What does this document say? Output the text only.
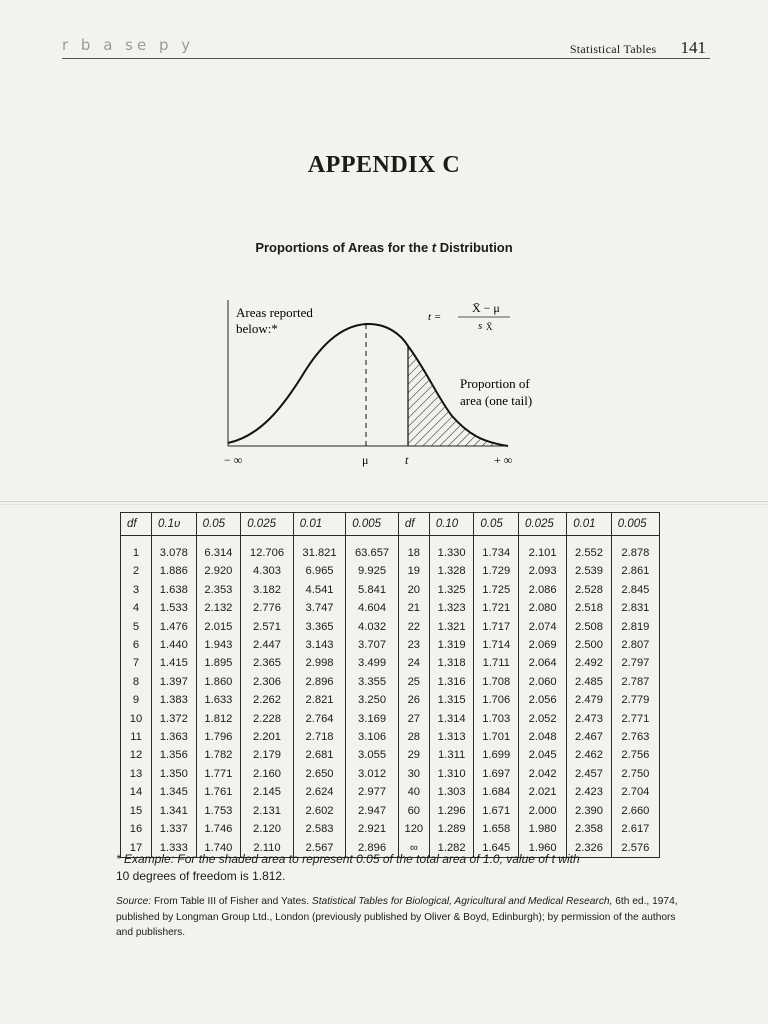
r b a se p y	Statistical Tables 141
APPENDIX C
Proportions of Areas for the t Distribution
Areas reported
below:*
t =
X̄ − μ
s X̄
Proportion of
area (one tail)
− ∞	μ	t	+ ∞
df	0.1υ	0.05	0.025	0.01	0.005	df	0.10	0.05	0.025	0.01	0.005
1	3.078	6.314	12.706	31.821	63.657	18	1.330	1.734	2.101	2.552	2.878
2	1.886	2.920	4.303	6.965	9.925	19	1.328	1.729	2.093	2.539	2.861
3	1.638	2.353	3.182	4.541	5.841	20	1.325	1.725	2.086	2.528	2.845
4	1.533	2.132	2.776	3.747	4.604	21	1.323	1.721	2.080	2.518	2.831
5	1.476	2.015	2.571	3.365	4.032	22	1.321	1.717	2.074	2.508	2.819
6	1.440	1.943	2.447	3.143	3.707	23	1.319	1.714	2.069	2.500	2.807
7	1.415	1.895	2.365	2.998	3.499	24	1.318	1.711	2.064	2.492	2.797
8	1.397	1.860	2.306	2.896	3.355	25	1.316	1.708	2.060	2.485	2.787
9	1.383	1.633	2.262	2.821	3.250	26	1.315	1.706	2.056	2.479	2.779
10	1.372	1.812	2.228	2.764	3.169	27	1.314	1.703	2.052	2.473	2.771
11	1.363	1.796	2.201	2.718	3.106	28	1.313	1.701	2.048	2.467	2.763
12	1.356	1.782	2.179	2.681	3.055	29	1.311	1.699	2.045	2.462	2.756
13	1.350	1.771	2.160	2.650	3.012	30	1.310	1.697	2.042	2.457	2.750
14	1.345	1.761	2.145	2.624	2.977	40	1.303	1.684	2.021	2.423	2.704
15	1.341	1.753	2.131	2.602	2.947	60	1.296	1.671	2.000	2.390	2.660
16	1.337	1.746	2.120	2.583	2.921	120	1.289	1.658	1.980	2.358	2.617
17	1.333	1.740	2.110	2.567	2.896	∞	1.282	1.645	1.960	2.326	2.576
* Example: For the shaded area to represent 0.05 of the total area of 1.0, value of t with
10 degrees of freedom is 1.812.
Source: From Table III of Fisher and Yates. Statistical Tables for Biological, Agricultural and Medical Research, 6th ed., 1974, published by Longman Group Ltd., London (previously published by Oliver & Boyd, Edinburgh); by permission of the authors and publishers.
